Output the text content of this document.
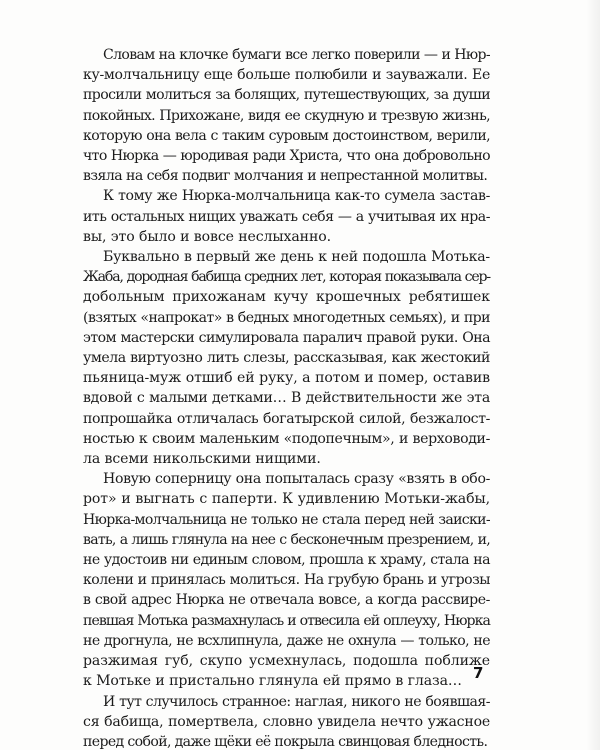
Словам на клочке бумаги все легко поверили — и Нюр-
ку-молчальницу еще больше полюбили и зауважали. Ее
просили молиться за болящих, путешествующих, за души
покойных. Прихожане, видя ее скудную и трезвую жизнь,
которую она вела с таким суровым достоинством, верили,
что Нюрка — юродивая ради Христа, что она добровольно
взяла на себя подвиг молчания и непрестанной молитвы.

К тому же Нюрка-молчальница как-то сумела застав-
ить остальных нищих уважать себя — а учитывая их нра-
вы, это было и вовсе неслыханно.

Буквально в первый же день к ней подошла Мотька-
Жаба, дородная бабища средних лет, которая показывала сер-
добольным прихожанам кучу крошечных ребятишек
(взятых «напрокат» в бедных многодетных семьях), и при
этом мастерски симулировала паралич правой руки. Она
умела виртуозно лить слезы, рассказывая, как жестокий
пьяница-муж отшиб ей руку, а потом и помер, оставив
вдовой с малыми детками… В действительности же эта
попрошайка отличалась богатырской силой, безжалост-
ностью к своим маленьким «подопечным», и верховоди-
ла всеми никольскими нищими.

Новую соперницу она попыталась сразу «взять в обо-
рот» и выгнать с паперти. К удивлению Мотьки-жабы,
Нюрка-молчальница не только не стала перед ней заиски-
вать, а лишь глянула на нее с бесконечным презрением, и,
не удостоив ни единым словом, прошла к храму, стала на
колени и принялась молиться. На грубую брань и угрозы
в свой адрес Нюрка не отвечала вовсе, а когда рассвире-
певшая Мотька размахнулась и отвесила ей оплеуху, Нюрка
не дрогнула, не всхлипнула, даже не охнула — только, не
разжимая губ, скупо усмехнулась, подошла поближе
к Мотьке и пристально глянула ей прямо в глаза…

И тут случилось странное: наглая, никого не боявшая-
ся бабища, помертвела, словно увидела нечто ужасное
перед собой, даже щёки её покрыла свинцовая бледность.

7
